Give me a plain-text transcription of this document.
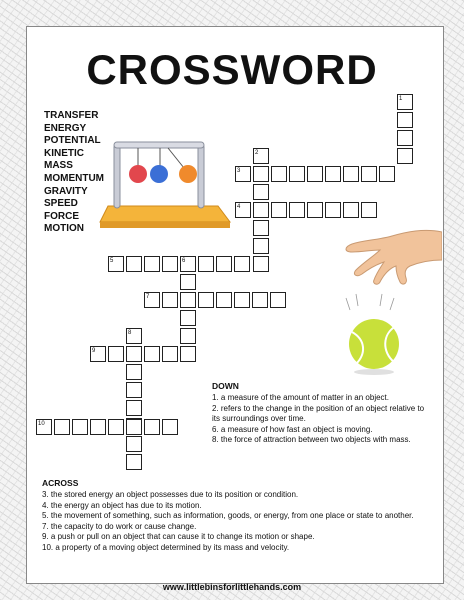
CROSSWORD
TRANSFER
ENERGY
POTENTIAL
KINETIC
MASS
MOMENTUM
GRAVITY
SPEED
FORCE
MOTION
1
2
3
4
5	6
7
8
9
10

DOWN

1. a measure of the amount of matter in an object.

2. refers to the change in the position of an object relative to its surroundings over time.

6. a measure of how fast an object is moving.

8. the force of attraction between two objects with mass.

ACROSS

3. the stored energy an object possesses due to its position or condition.

4. the energy an object has due to its motion.

5. the movement of something, such as information, goods, or energy, from one place or state to another.

7. the capacity to do work or cause change.

9. a push or pull on an object that can cause it to change its motion or shape.

10. a property of a moving object determined by its mass and velocity.

www.littlebinsforlittlehands.com
